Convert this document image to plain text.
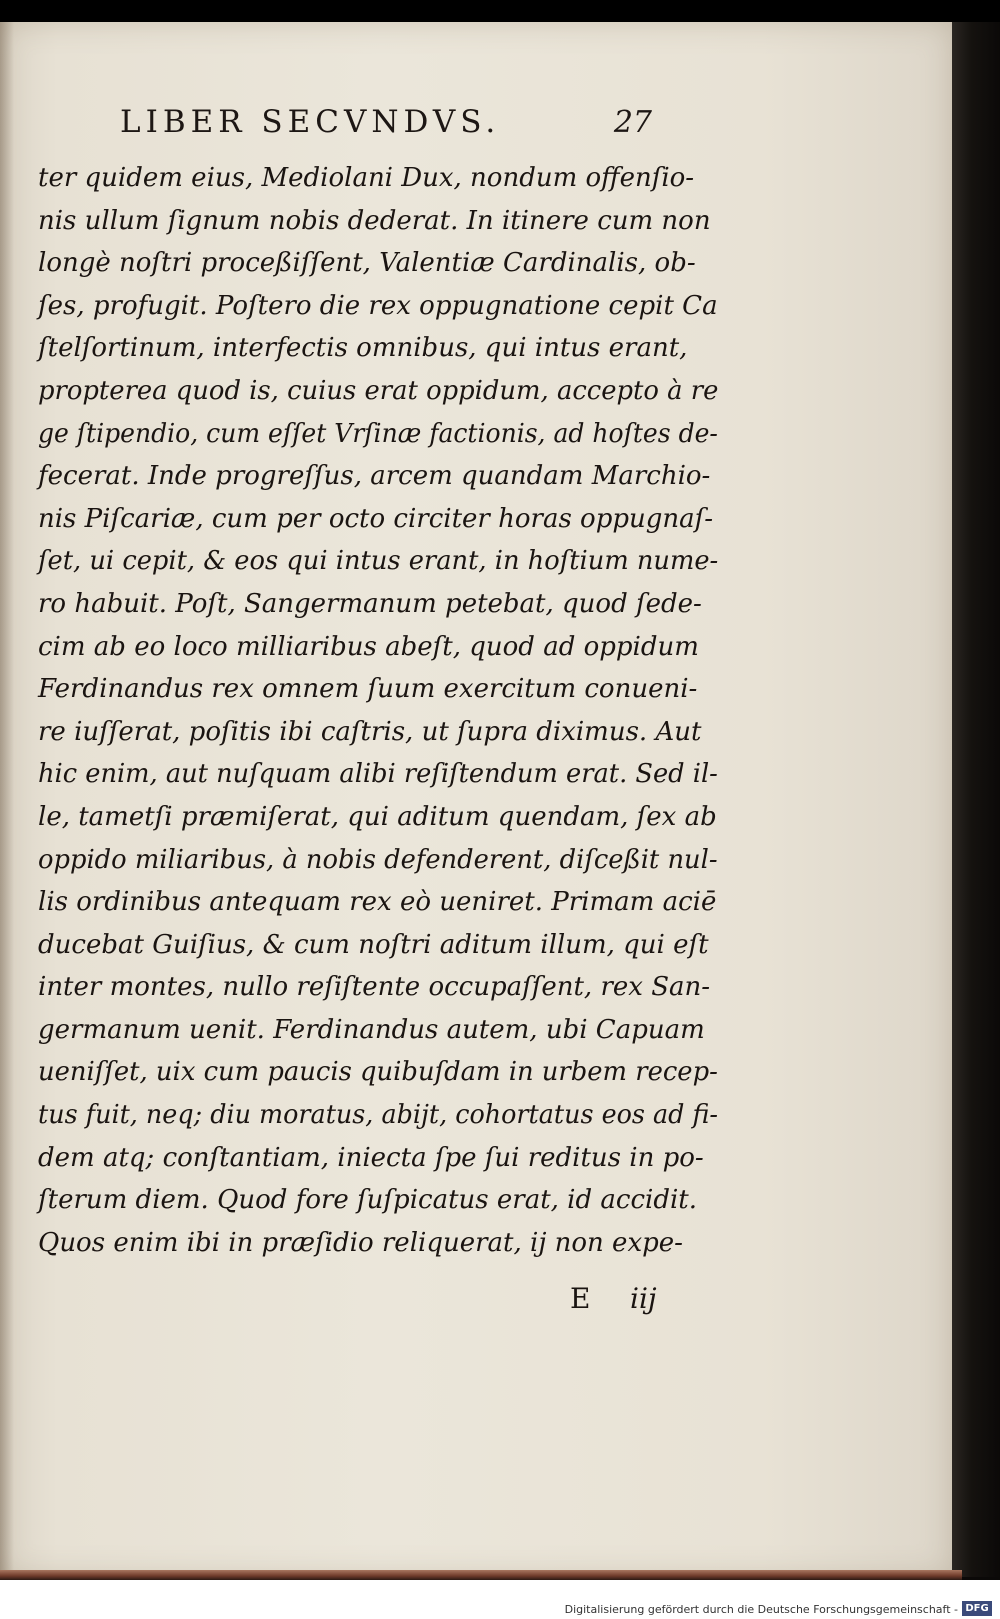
LIBER SECVNDVS.	27
ter quidem eius, Mediolani Dux, nondum offenſio-
nis ullum ſignum nobis dederat. In itinere cum non
longè noſtri proceßiſſent, Valentiæ Cardinalis, ob-
ſes, profugit. Poſtero die rex oppugnatione cepit Ca
ſtelſortinum, interfectis omnibus, qui intus erant,
propterea quod is, cuius erat oppidum, accepto à re
ge ſtipendio, cum eſſet Vrſinæ factionis, ad hoſtes de-
fecerat. Inde progreſſus, arcem quandam Marchio-
nis Piſcariæ, cum per octo circiter horas oppugnaſ-
ſet, ui cepit, & eos qui intus erant, in hoſtium nume-
ro habuit. Poſt, Sangermanum petebat, quod ſede-
cim ab eo loco milliaribus abeſt, quod ad oppidum
Ferdinandus rex omnem ſuum exercitum conueni-
re iuſſerat, poſitis ibi caſtris, ut ſupra diximus. Aut
hic enim, aut nuſquam alibi reſiſtendum erat. Sed il-
le, tametſi præmiſerat, qui aditum quendam, ſex ab
oppido miliaribus, à nobis defenderent, diſceßit nul-
lis ordinibus antequam rex eò ueniret. Primam aciē
ducebat Guiſius, & cum noſtri aditum illum, qui eſt
inter montes, nullo reſiſtente occupaſſent, rex San-
germanum uenit. Ferdinandus autem, ubi Capuam
ueniſſet, uix cum paucis quibuſdam in urbem recep-
tus fuit, neq; diu moratus, abijt, cohortatus eos ad fi-
dem atq; conſtantiam, iniecta ſpe ſui reditus in po-
ſterum diem. Quod fore ſuſpicatus erat, id accidit.
Quos enim ibi in præſidio reliquerat, ij non expe-
E iij
Digitalisierung gefördert durch die Deutsche Forschungsgemeinschaft - DFG
